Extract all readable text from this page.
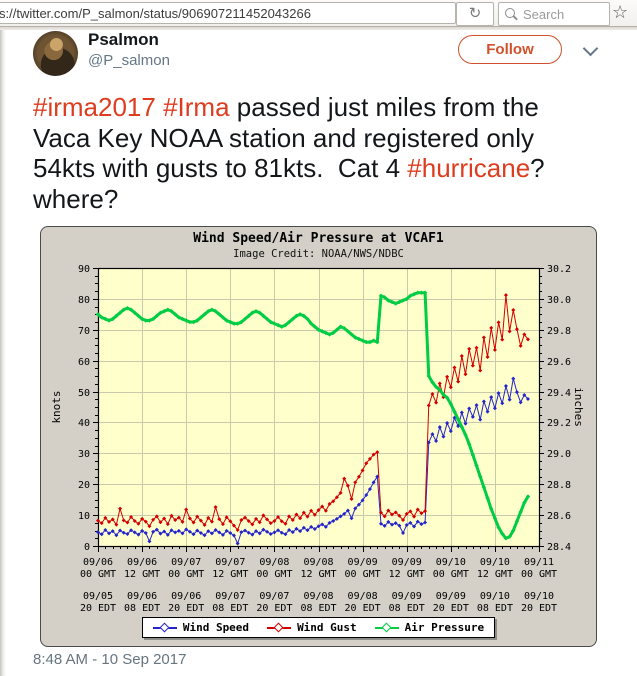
s://twitter.com/P_salmon/status/906907211452043266
↻
Search	☆
Psalmon
@P_salmon
Follow
#irma2017 #Irma passed just miles from the
Vaca Key NOAA station and registered only
54kts with gusts to 81kts.  Cat 4 #hurricane?
where?
Wind Speed/Air Pressure at VCAF1
Image Credit: NOAA/NWS/NDBC
knots	inches
Wind Speed	Wind Gust	Air Pressure
8:48 AM - 10 Sep 2017
